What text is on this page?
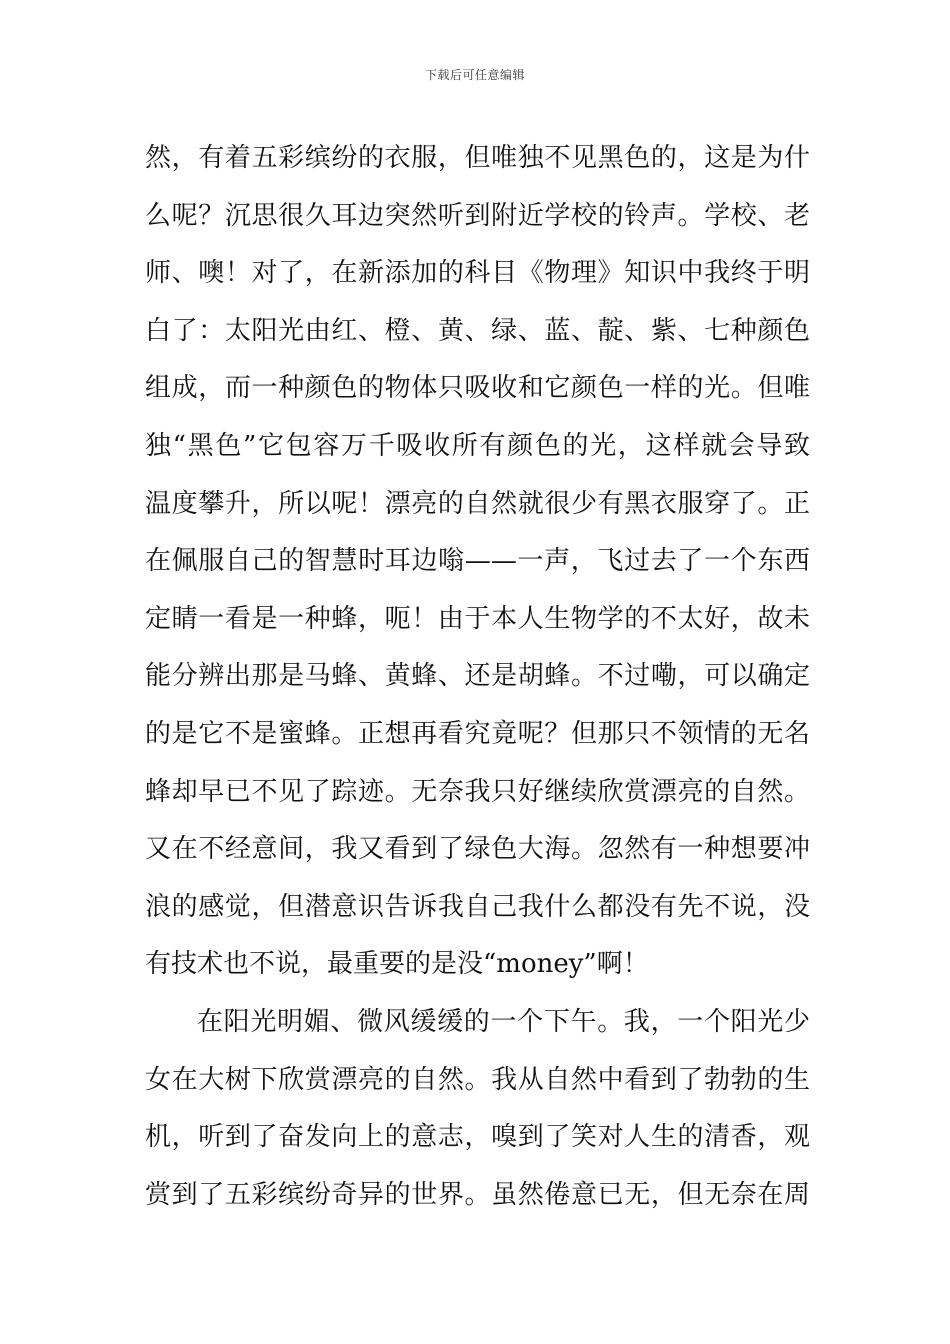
下载后可任意编辑
然，有着五彩缤纷的衣服，但唯独不见黑色的，这是为什
么呢？沉思很久耳边突然听到附近学校的铃声。学校、老
师、噢！对了，在新添加的科目《物理》知识中我终于明
白了：太阳光由红、橙、黄、绿、蓝、靛、紫、七种颜色
组成，而一种颜色的物体只吸收和它颜色一样的光。但唯
独“黑色”它包容万千吸收所有颜色的光，这样就会导致
温度攀升，所以呢！漂亮的自然就很少有黑衣服穿了。正
在佩服自己的智慧时耳边嗡——一声，飞过去了一个东西
定睛一看是一种蜂，呃！由于本人生物学的不太好，故未
能分辨出那是马蜂、黄蜂、还是胡蜂。不过嘞，可以确定
的是它不是蜜蜂。正想再看究竟呢？但那只不领情的无名
蜂却早已不见了踪迹。无奈我只好继续欣赏漂亮的自然。
又在不经意间，我又看到了绿色大海。忽然有一种想要冲
浪的感觉，但潜意识告诉我自己我什么都没有先不说，没
有技术也不说，最重要的是没“money”啊！
在阳光明媚、微风缓缓的一个下午。我，一个阳光少
女在大树下欣赏漂亮的自然。我从自然中看到了勃勃的生
机，听到了奋发向上的意志，嗅到了笑对人生的清香，观
赏到了五彩缤纷奇异的世界。虽然倦意已无，但无奈在周
